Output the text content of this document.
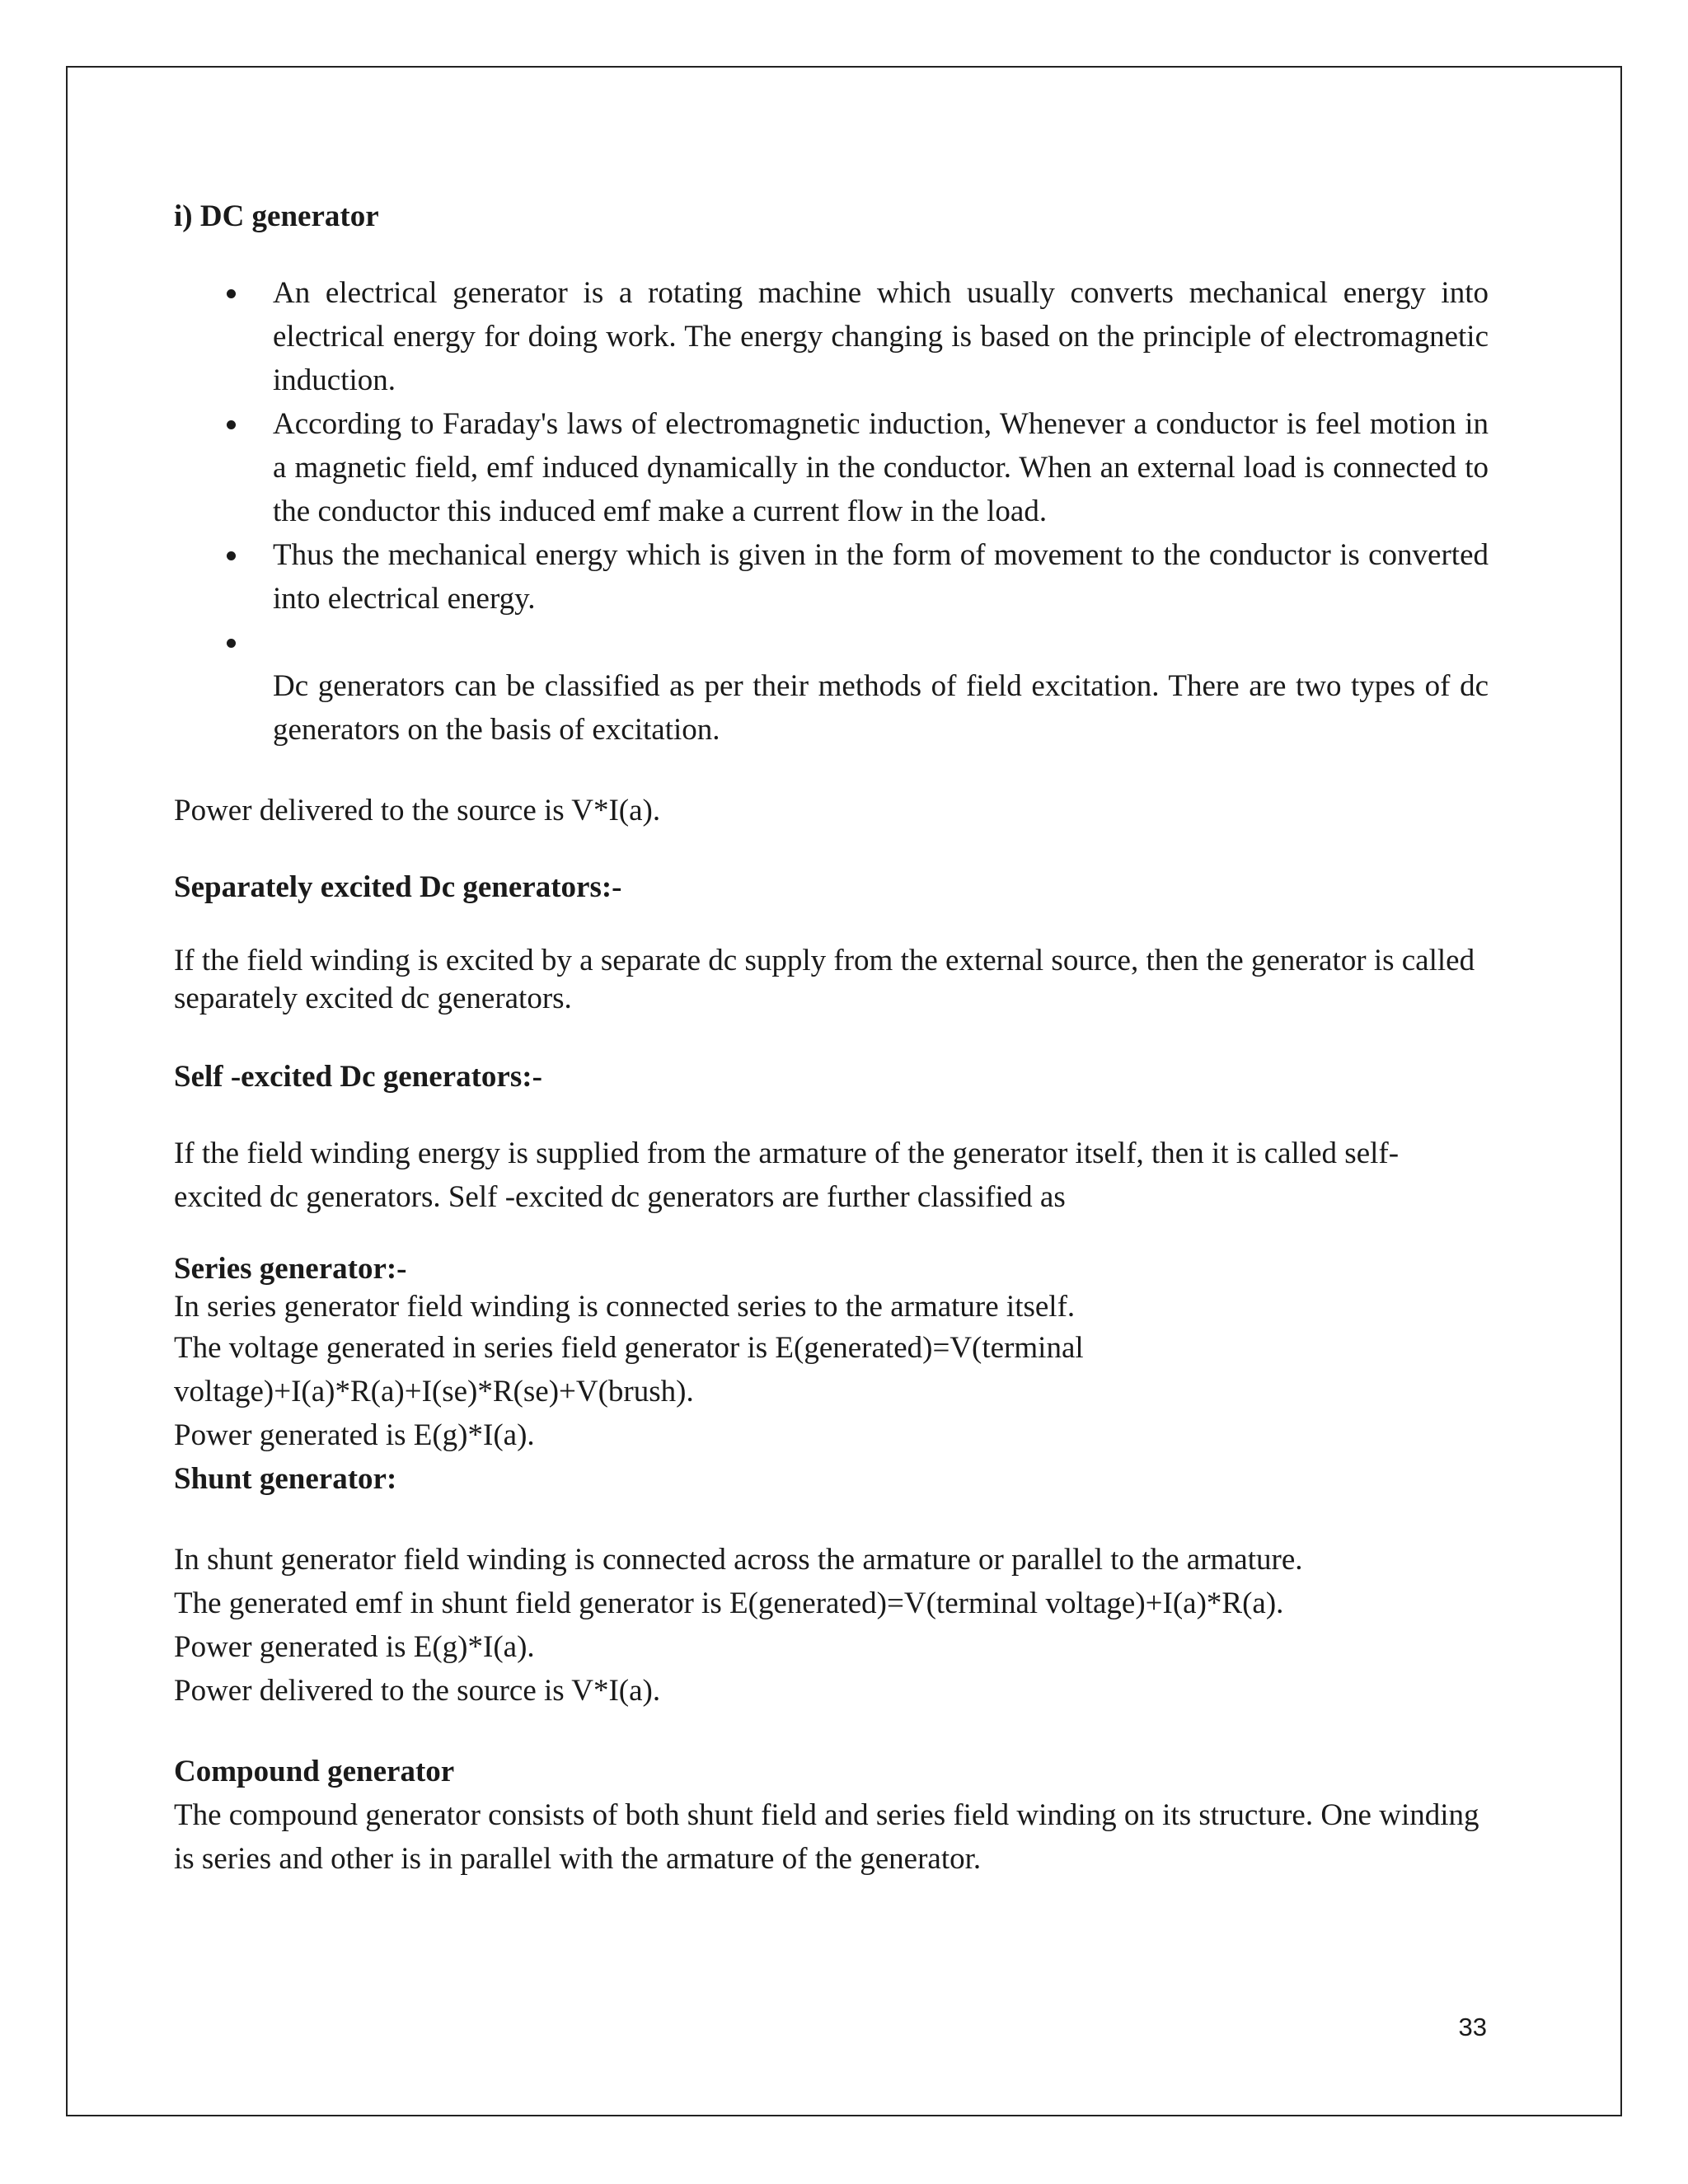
i) DC generator

An electrical generator is a rotating machine which usually converts mechanical energy into electrical energy for doing work. The energy changing is based on the principle of electromagnetic induction.
According to Faraday's laws of electromagnetic induction, Whenever a conductor is feel motion in a magnetic field, emf induced dynamically in the conductor. When an external load is connected to the conductor this induced emf make a current flow in the load.
Thus the mechanical energy which is given in the form of movement to the conductor is converted into electrical energy.
Dc generators can be classified as per their methods of field excitation. There are two types of dc generators on the basis of excitation.

Power delivered to the source is V*I(a).

Separately excited Dc generators:-

If the field winding is excited by a separate dc supply from the external source, then the generator is called separately excited dc generators.

Self -excited Dc generators:-

If the field winding energy is supplied from the armature of the generator itself, then it is called self- excited dc generators. Self -excited dc generators are further classified as

Series generator:-

In series generator field winding is connected series to the armature itself.

The voltage generated in series field generator is E(generated)=V(terminal

voltage)+I(a)*R(a)+I(se)*R(se)+V(brush).

Power generated is E(g)*I(a).

Shunt generator:

In shunt generator field winding is connected across the armature or parallel to the armature.

The generated emf in shunt field generator is E(generated)=V(terminal voltage)+I(a)*R(a).

Power generated is E(g)*I(a).

Power delivered to the source is V*I(a).

Compound generator

The compound generator consists of both shunt field and series field winding on its structure. One winding is series and other is in parallel with the armature of the generator.

33
